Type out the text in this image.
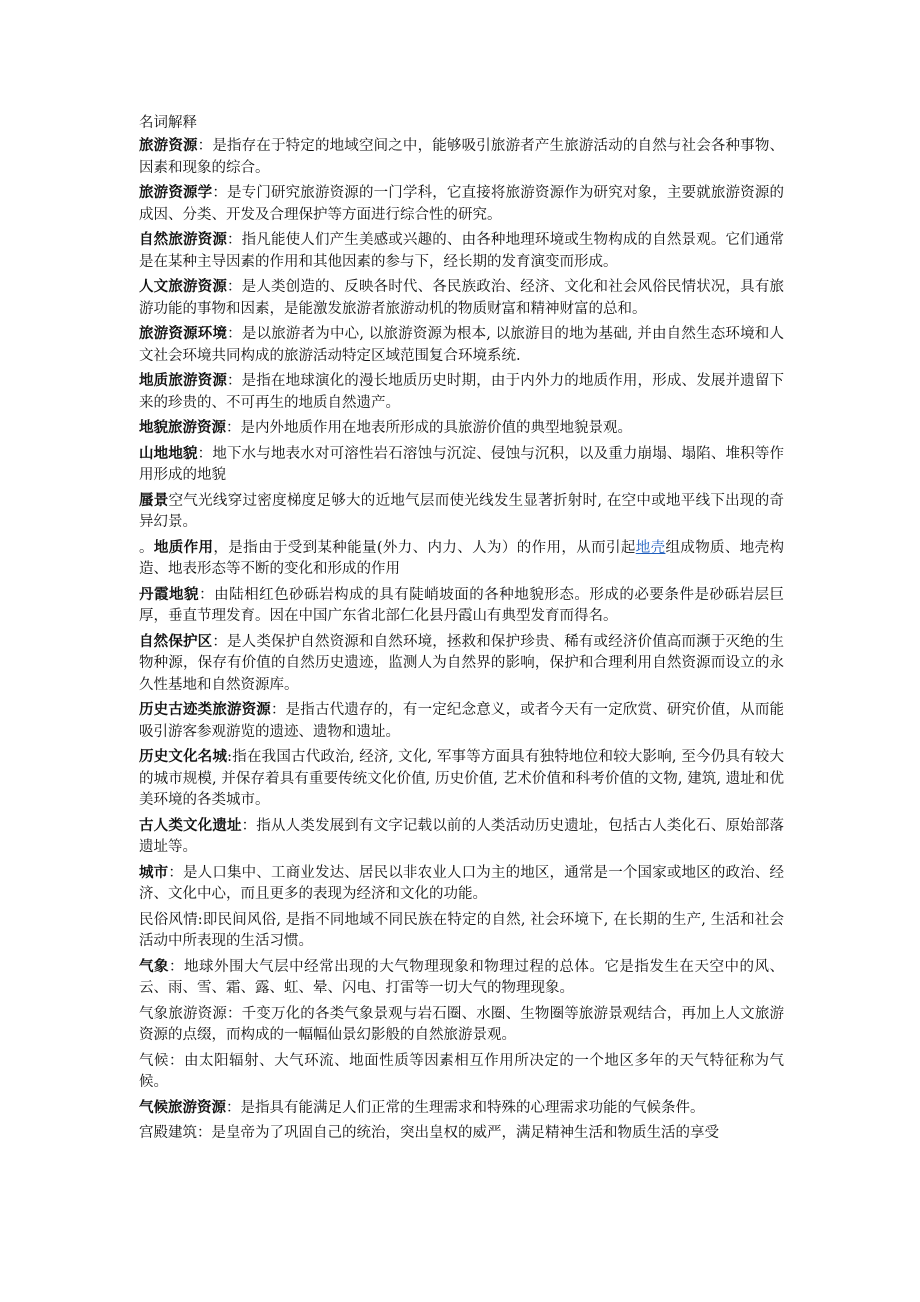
名词解释
旅游资源：是指存在于特定的地域空间之中，能够吸引旅游者产生旅游活动的自然与社会各种事物、因素和现象的综合。
旅游资源学：是专门研究旅游资源的一门学科，它直接将旅游资源作为研究对象，主要就旅游资源的成因、分类、开发及合理保护等方面进行综合性的研究。
自然旅游资源：指凡能使人们产生美感或兴趣的、由各种地理环境或生物构成的自然景观。它们通常是在某种主导因素的作用和其他因素的参与下，经长期的发育演变而形成。
人文旅游资源：是人类创造的、反映各时代、各民族政治、经济、文化和社会风俗民情状况，具有旅游功能的事物和因素，是能激发旅游者旅游动机的物质财富和精神财富的总和。
旅游资源环境：是以旅游者为中心, 以旅游资源为根本, 以旅游目的地为基础, 并由自然生态环境和人文社会环境共同构成的旅游活动特定区域范围复合环境系统.
地质旅游资源：是指在地球演化的漫长地质历史时期，由于内外力的地质作用，形成、发展并遗留下来的珍贵的、不可再生的地质自然遗产。
地貌旅游资源：是内外地质作用在地表所形成的具旅游价值的典型地貌景观。
山地地貌：地下水与地表水对可溶性岩石溶蚀与沉淀、侵蚀与沉积，以及重力崩塌、塌陷、堆积等作用形成的地貌
蜃景空气光线穿过密度梯度足够大的近地气层而使光线发生显著折射时, 在空中或地平线下出现的奇异幻景。
。地质作用，是指由于受到某种能量(外力、内力、人为）的作用，从而引起地壳组成物质、地壳构造、地表形态等不断的变化和形成的作用
丹霞地貌：由陆相红色砂砾岩构成的具有陡峭坡面的各种地貌形态。形成的必要条件是砂砾岩层巨厚，垂直节理发育。因在中国广东省北部仁化县丹霞山有典型发育而得名。
自然保护区：是人类保护自然资源和自然环境，拯救和保护珍贵、稀有或经济价值高而濒于灭绝的生物种源，保存有价值的自然历史遗迹，监测人为自然界的影响，保护和合理利用自然资源而设立的永久性基地和自然资源库。
历史古迹类旅游资源：是指古代遗存的，有一定纪念意义，或者今天有一定欣赏、研究价值，从而能吸引游客参观游览的遗迹、遗物和遗址。
历史文化名城:指在我国古代政治, 经济, 文化, 军事等方面具有独特地位和较大影响, 至今仍具有较大的城市规模, 并保存着具有重要传统文化价值, 历史价值, 艺术价值和科考价值的文物, 建筑, 遗址和优美环境的各类城市。
古人类文化遗址：指从人类发展到有文字记载以前的人类活动历史遗址，包括古人类化石、原始部落遗址等。
城市：是人口集中、工商业发达、居民以非农业人口为主的地区，通常是一个国家或地区的政治、经济、文化中心，而且更多的表现为经济和文化的功能。
民俗风情:即民间风俗, 是指不同地域不同民族在特定的自然, 社会环境下, 在长期的生产, 生活和社会活动中所表现的生活习惯。
气象：地球外围大气层中经常出现的大气物理现象和物理过程的总体。它是指发生在天空中的风、云、雨、雪、霜、露、虹、晕、闪电、打雷等一切大气的物理现象。
气象旅游资源：千变万化的各类气象景观与岩石圈、水圈、生物圈等旅游景观结合，再加上人文旅游资源的点缀，而构成的一幅幅仙景幻影般的自然旅游景观。
气候：由太阳辐射、大气环流、地面性质等因素相互作用所决定的一个地区多年的天气特征称为气候。
气候旅游资源：是指具有能满足人们正常的生理需求和特殊的心理需求功能的气候条件。
宫殿建筑：是皇帝为了巩固自己的统治，突出皇权的威严，满足精神生活和物质生活的享受
